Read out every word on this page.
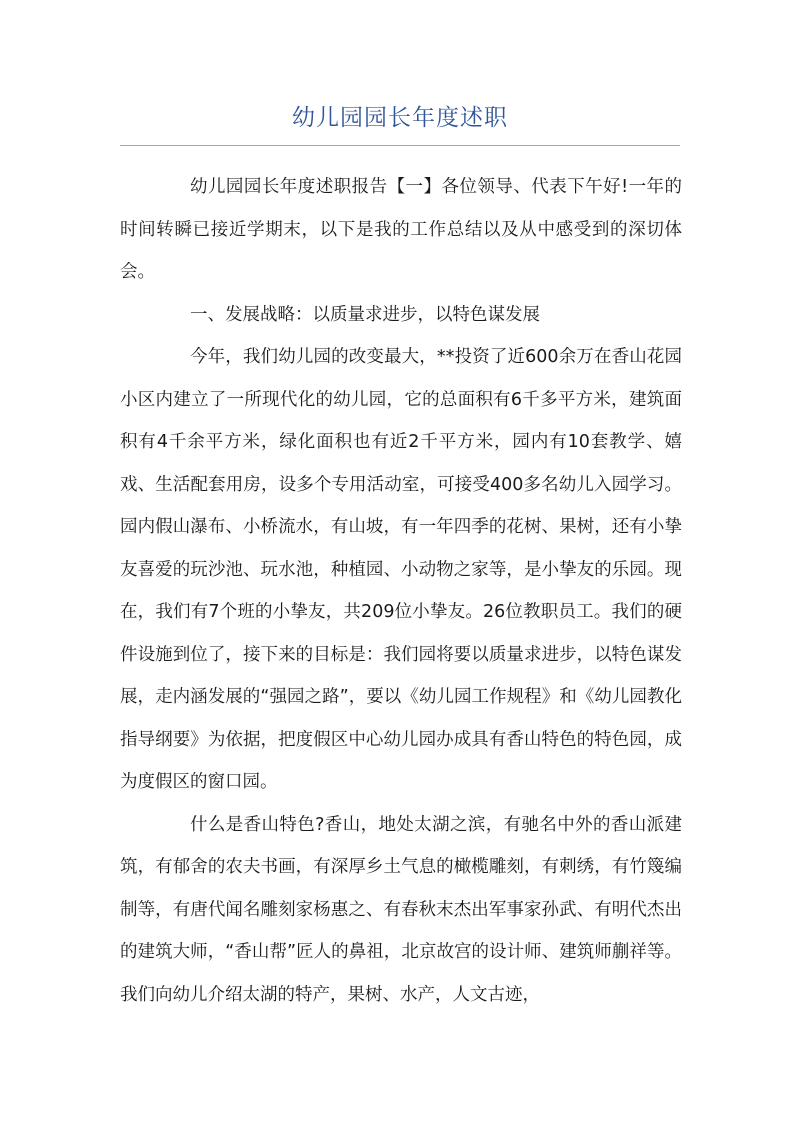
幼儿园园长年度述职

幼儿园园长年度述职报告【一】各位领导、代表下午好!一年的时间转瞬已接近学期末，以下是我的工作总结以及从中感受到的深切体会。

一、发展战略：以质量求进步，以特色谋发展

今年，我们幼儿园的改变最大，**投资了近600余万在香山花园小区内建立了一所现代化的幼儿园，它的总面积有6千多平方米，建筑面积有4千余平方米，绿化面积也有近2千平方米，园内有10套教学、嬉戏、生活配套用房，设多个专用活动室，可接受400多名幼儿入园学习。园内假山瀑布、小桥流水，有山坡，有一年四季的花树、果树，还有小挚友喜爱的玩沙池、玩水池，种植园、小动物之家等，是小挚友的乐园。现在，我们有7个班的小挚友，共209位小挚友。26位教职员工。我们的硬件设施到位了，接下来的目标是：我们园将要以质量求进步，以特色谋发展，走内涵发展的“强园之路”，要以《幼儿园工作规程》和《幼儿园教化指导纲要》为依据，把度假区中心幼儿园办成具有香山特色的特色园，成为度假区的窗口园。

什么是香山特色?香山，地处太湖之滨，有驰名中外的香山派建筑，有郁舍的农夫书画，有深厚乡土气息的橄榄雕刻，有刺绣，有竹篾编制等，有唐代闻名雕刻家杨惠之、有春秋末杰出军事家孙武、有明代杰出的建筑大师，“香山帮”匠人的鼻祖，北京故宫的设计师、建筑师蒯祥等。我们向幼儿介绍太湖的特产，果树、水产，人文古迹，
